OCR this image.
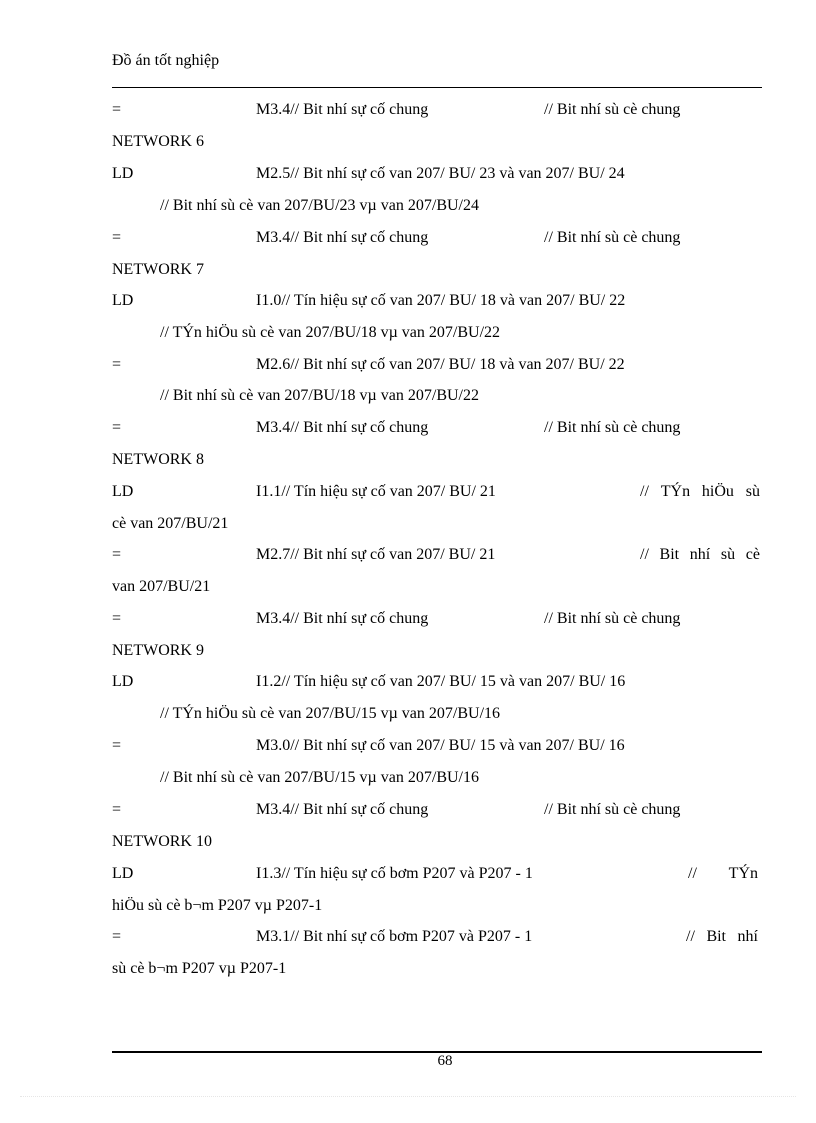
Đồ án tốt nghiệp
=	M3.4// Bit nhí sự cố chung	// Bit nhí sù cè chung
NETWORK 6
LD	M2.5// Bit nhí sự cố van 207/ BU/ 23 và van 207/ BU/ 24
// Bit nhí sù cè van 207/BU/23 vµ van 207/BU/24
=	M3.4// Bit nhí sự cố chung	// Bit nhí sù cè chung
NETWORK 7
LD	I1.0// Tín hiệu sự cố van 207/ BU/ 18 và van 207/ BU/ 22
// TÝn hiÖu sù cè van 207/BU/18 vµ van 207/BU/22
=	M2.6// Bit nhí sự cố van 207/ BU/ 18 và van 207/ BU/ 22
// Bit nhí sù cè van 207/BU/18 vµ van 207/BU/22
=	M3.4// Bit nhí sự cố chung	// Bit nhí sù cè chung
NETWORK 8
LD	I1.1// Tín hiệu sự cố van 207/ BU/ 21	// TÝn hiÖu sù
cè van 207/BU/21
=	M2.7// Bit nhí sự cố van 207/ BU/ 21	// Bit nhí sù cè
van 207/BU/21
=	M3.4// Bit nhí sự cố chung	// Bit nhí sù cè chung
NETWORK 9
LD	I1.2// Tín hiệu sự cố van 207/ BU/ 15 và van 207/ BU/ 16
// TÝn hiÖu sù cè van 207/BU/15 vµ van 207/BU/16
=	M3.0// Bit nhí sự cố van 207/ BU/ 15 và van 207/ BU/ 16
// Bit nhí sù cè van 207/BU/15 vµ van 207/BU/16
=	M3.4// Bit nhí sự cố chung	// Bit nhí sù cè chung
NETWORK 10
LD	I1.3// Tín hiệu sự cố bơm P207 và P207 - 1	// TÝn
hiÖu sù cè b¬m P207 vµ P207-1
=	M3.1// Bit nhí sự cố bơm P207 và P207 - 1	// Bit nhí
sù cè b¬m P207 vµ P207-1
68
